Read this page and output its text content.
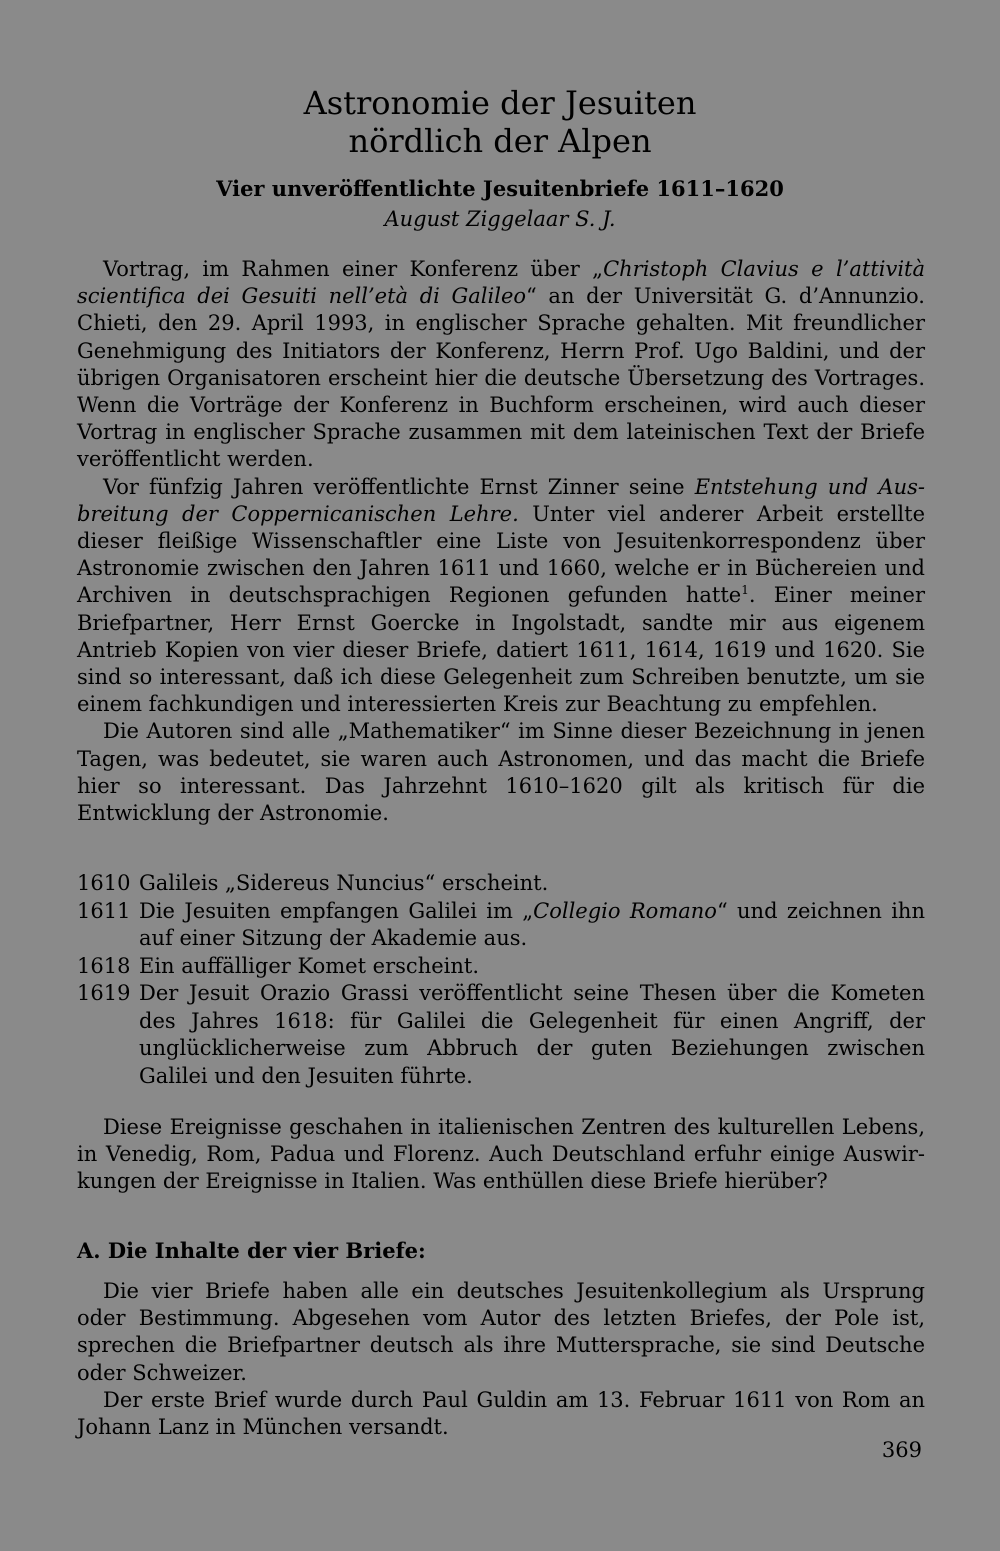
Astronomie der Jesuiten
nördlich der Alpen
Vier unveröffentlichte Jesuitenbriefe 1611–1620
August Ziggelaar S. J.

Vortrag, im Rahmen einer Konferenz über „Christoph Clavius e l’attività scientifica dei Gesuiti nell’età di Galileo“ an der Universität G. d’Annunzio. Chieti, den 29. April 1993, in englischer Sprache gehalten. Mit freundlicher Genehmigung des Initiators der Konferenz, Herrn Prof. Ugo Baldini, und der übrigen Organisatoren erscheint hier die deutsche Übersetzung des Vortrages. Wenn die Vorträge der Konferenz in Buchform erscheinen, wird auch dieser Vortrag in englischer Sprache zusammen mit dem lateinischen Text der Briefe veröffentlicht werden.

Vor fünfzig Jahren veröffentlichte Ernst Zinner seine Entstehung und Ausbreitung der Coppernicanischen Lehre. Unter viel anderer Arbeit erstellte dieser fleißige Wissenschaftler eine Liste von Jesuitenkorrespondenz über Astronomie zwischen den Jahren 1611 und 1660, welche er in Büchereien und Archiven in deutschsprachigen Regionen gefunden hatte$^1$. Einer meiner Briefpartner, Herr Ernst Goercke in Ingolstadt, sandte mir aus eigenem Antrieb Kopien von vier dieser Briefe, datiert 1611, 1614, 1619 und 1620. Sie sind so interessant, daß ich diese Gelegenheit zum Schreiben benutzte, um sie einem fachkundigen und interessierten Kreis zur Beachtung zu empfehlen.

Die Autoren sind alle „Mathematiker“ im Sinne dieser Bezeichnung in jenen Tagen, was bedeutet, sie waren auch Astronomen, und das macht die Briefe hier so interessant. Das Jahrzehnt 1610–1620 gilt als kritisch für die Entwicklung der Astronomie.

1610 Galileis „Sidereus Nuncius“ erscheint.
1611 Die Jesuiten empfangen Galilei im „Collegio Romano“ und zeichnen ihn auf einer Sitzung der Akademie aus.
1618 Ein auffälliger Komet erscheint.
1619 Der Jesuit Orazio Grassi veröffentlicht seine Thesen über die Kometen des Jahres 1618: für Galilei die Gelegenheit für einen Angriff, der unglücklicherweise zum Abbruch der guten Beziehungen zwischen Galilei und den Jesuiten führte.

Diese Ereignisse geschahen in italienischen Zentren des kulturellen Lebens, in Venedig, Rom, Padua und Florenz. Auch Deutschland erfuhr einige Auswirkungen der Ereignisse in Italien. Was enthüllen diese Briefe hierüber?

A. Die Inhalte der vier Briefe:

Die vier Briefe haben alle ein deutsches Jesuitenkollegium als Ursprung oder Bestimmung. Abgesehen vom Autor des letzten Briefes, der Pole ist, sprechen die Briefpartner deutsch als ihre Muttersprache, sie sind Deutsche oder Schweizer.

Der erste Brief wurde durch Paul Guldin am 13. Februar 1611 von Rom an Johann Lanz in München versandt.

369
